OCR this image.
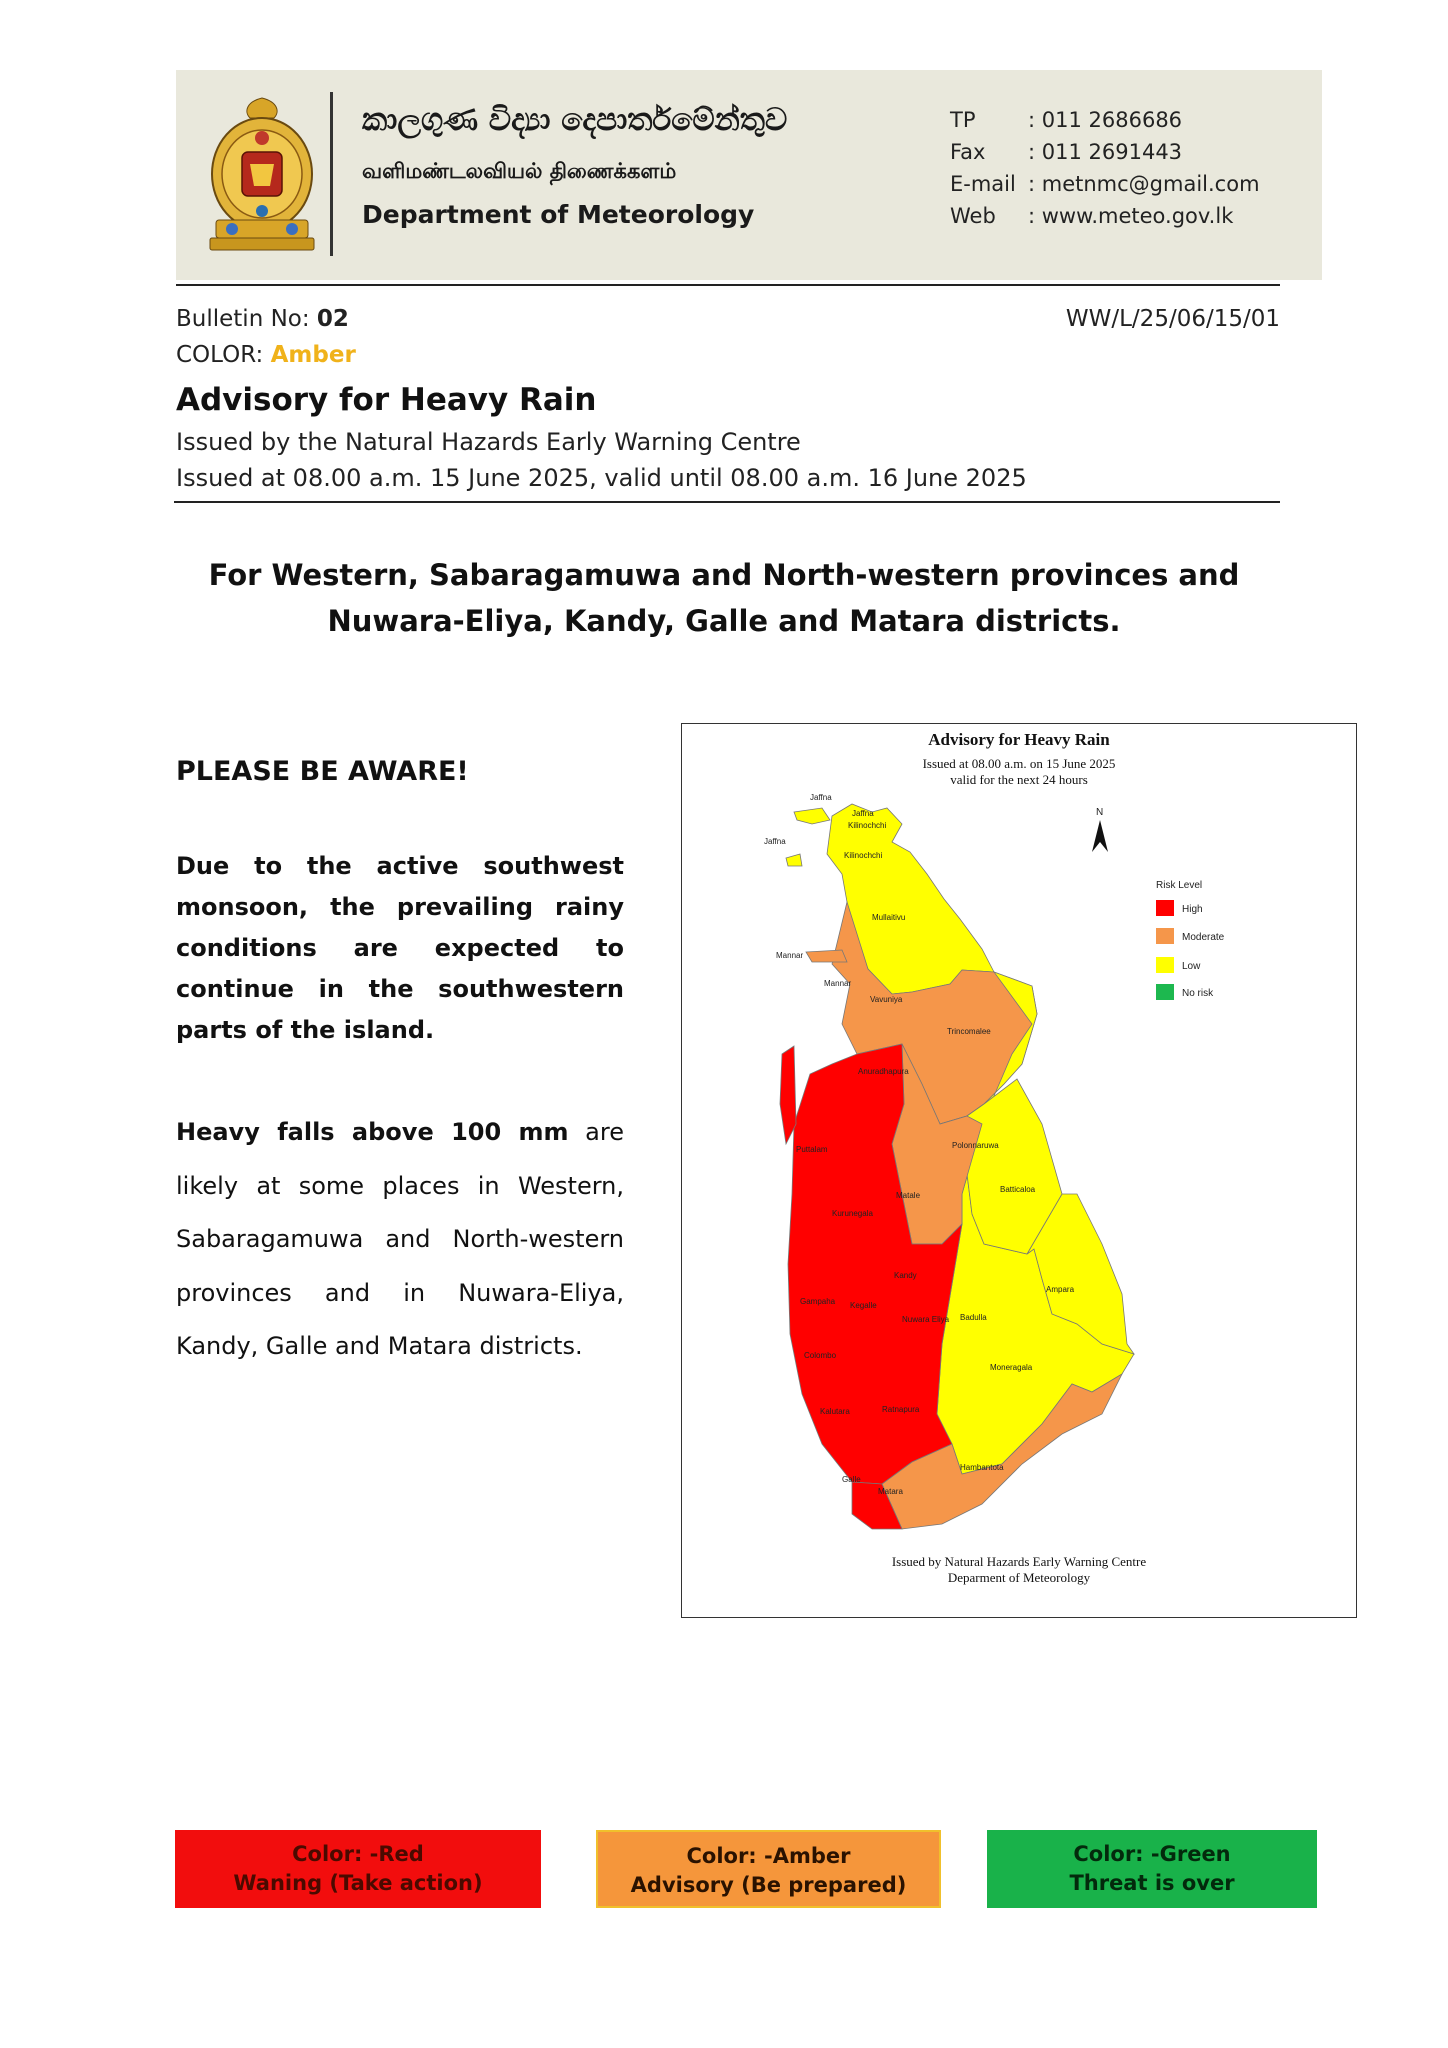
කාලගුණ විද්‍යා දෙපාර්තමේන්තුව
வளிமண்டலவியல் திணைக்களம்
Department of Meteorology
TP	: 011 2686686
Fax : 011 2691443
E-mail : metnmc@gmail.com
Web : www.meteo.gov.lk
Bulletin No: 02
COLOR: Amber
WW/L/25/06/15/01
Advisory for Heavy Rain
Issued by the Natural Hazards Early Warning Centre
Issued at 08.00 a.m. 15 June 2025, valid until 08.00 a.m. 16 June 2025
For Western, Sabaragamuwa and North-western provinces and
Nuwara-Eliya, Kandy, Galle and Matara districts.
PLEASE BE AWARE!
Due to the active southwest monsoon, the prevailing rainy conditions are expected to continue in the southwestern parts of the island.
Heavy falls above 100 mm are likely at some places in Western, Sabaragamuwa and North-western provinces and in Nuwara-Eliya, Kandy, Galle and Matara districts.
Jaffna
Jaffna
Jaffna
Kilinochchi
Kilinochchi
Mullaitivu
Mannar
Mannar
Vavuniya
Trincomalee
Anuradhapura
Polonnaruwa
Puttalam
Batticaloa
Matale
Kurunegala
Kandy
Ampara
Gampaha Kegalle
Nuwara Eliya Badulla
Colombo
Moneragala
Kalutara	Ratnapura
Hambantota
Galle
Matara
N
Risk Level
High
Moderate
Low
No risk
Advisory for Heavy Rain
Issued at 08.00 a.m. on 15 June 2025
valid for the next 24 hours
Issued by Natural Hazards Early Warning Centre
Deparment of Meteorology
Color: -Red
Waning (Take action)
Color: -Amber
Advisory (Be prepared)
Color: -Green
Threat is over
